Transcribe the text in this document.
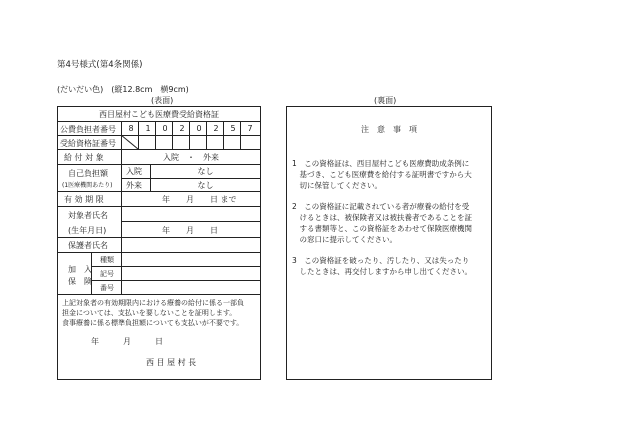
第4号様式(第4条関係)
(だいだい色)　(縦12.8cm　横9cm)
(表面)	(裏面)
西目屋村こども医療費受給資格証
公費負担者番号	8	1	0	2	0	2	5	7
受給資格証番号
給 付 対 象	入院　・　外来
自己負担額
(1医療機関あたり)
入院	なし
外来	なし
有 効 期 限	年　　月　　日 まで
対象者氏名
(生年月日)	年　　月　　日
保護者氏名
加　入
保　険
種類
記号
番号
上記対象者の有効期限内における療養の給付に係る一部負
担金については、支払いを要しないことを証明します。
食事療養に係る標準負担額についても支払いが不要です。
年　　　月　　　日
西 目 屋 村 長
注　意　事　項
1　この資格証は、西目屋村こども医療費助成条例に
　基づき、こども医療費を給付する証明書ですから大
　切に保管してください。
2　この資格証に記載されている者が療養の給付を受
　けるときは、被保険者又は被扶養者であることを証
　する書類等と、この資格証をあわせて保険医療機関
　の窓口に提示してください。
3　この資格証を破ったり、汚したり、又は失ったり
　したときは、再交付しますから申し出てください。
